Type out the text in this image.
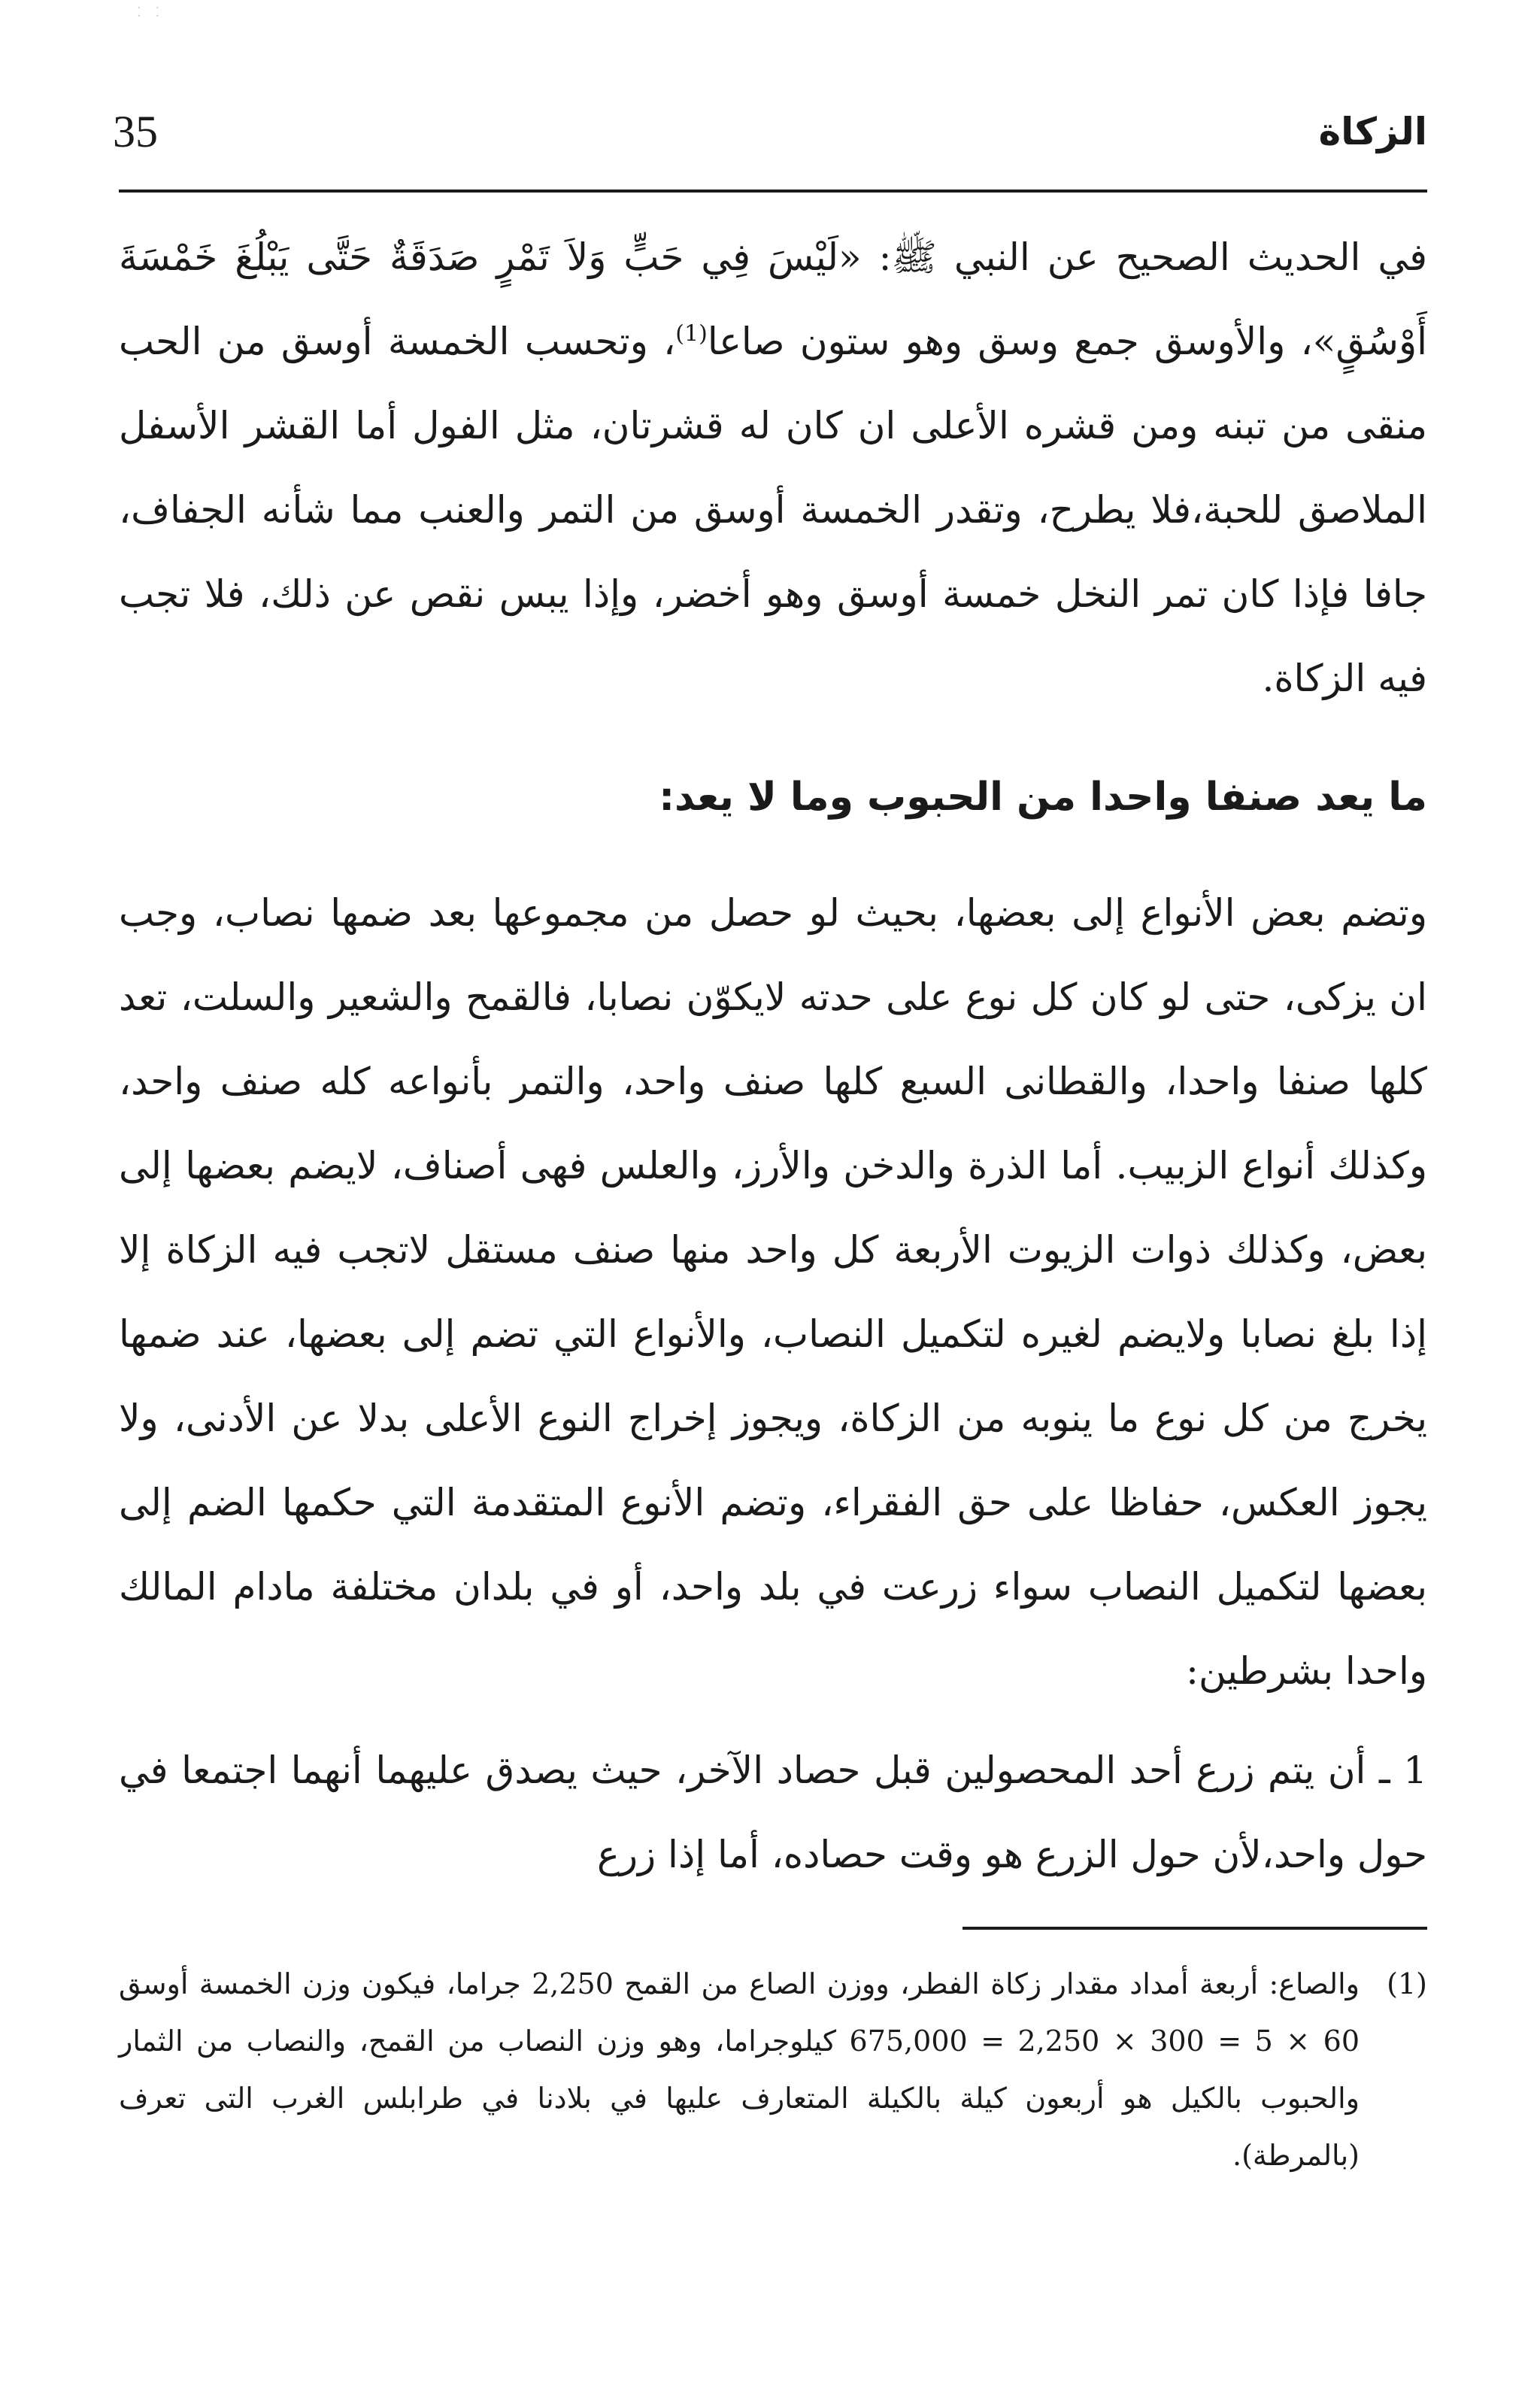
⁚ ⁚
35	الزكاة

في الحديث الصحيح عن النبي ﷺ: «لَيْسَ فِي حَبٍّ وَلاَ تَمْرٍ صَدَقَةٌ حَتَّى يَبْلُغَ خَمْسَةَ أَوْسُقٍ»، والأوسق جمع وسق وهو ستون صاعا$^{(1)}$، وتحسب الخمسة أوسق من الحب منقى من تبنه ومن قشره الأعلى ان كان له قشرتان، مثل الفول أما القشر الأسفل الملاصق للحبة،فلا يطرح، وتقدر الخمسة أوسق من التمر والعنب مما شأنه الجفاف، جافا فإذا كان تمر النخل خمسة أوسق وهو أخضر، وإذا يبس نقص عن ذلك، فلا تجب فيه الزكاة.

ما يعد صنفا واحدا من الحبوب وما لا يعد:

وتضم بعض الأنواع إلى بعضها، بحيث لو حصل من مجموعها بعد ضمها نصاب، وجب ان يزكى، حتى لو كان كل نوع على حدته لايكوّن نصابا، فالقمح والشعير والسلت، تعد كلها صنفا واحدا، والقطانى السبع كلها صنف واحد، والتمر بأنواعه كله صنف واحد، وكذلك أنواع الزبيب. أما الذرة والدخن والأرز، والعلس فهى أصناف، لايضم بعضها إلى بعض، وكذلك ذوات الزيوت الأربعة كل واحد منها صنف مستقل لاتجب فيه الزكاة إلا إذا بلغ نصابا ولايضم لغيره لتكميل النصاب، والأنواع التي تضم إلى بعضها، عند ضمها يخرج من كل نوع ما ينوبه من الزكاة، ويجوز إخراج النوع الأعلى بدلا عن الأدنى، ولا يجوز العكس، حفاظا على حق الفقراء، وتضم الأنوع المتقدمة التي حكمها الضم إلى بعضها لتكميل النصاب سواء زرعت في بلد واحد، أو في بلدان مختلفة مادام المالك واحدا بشرطين:

1 ـ أن يتم زرع أحد المحصولين قبل حصاد الآخر، حيث يصدق عليهما أنهما اجتمعا في حول واحد،لأن حول الزرع هو وقت حصاده، أما إذا زرع

(1)
والصاع: أربعة أمداد مقدار زكاة الفطر، ووزن الصاع من القمح 2,250 جراما، فيكون وزن الخمسة أوسق 60 × 5 = 300 × 2,250 = 675,000 كيلوجراما، وهو وزن النصاب من القمح، والنصاب من الثمار والحبوب بالكيل هو أربعون كيلة بالكيلة المتعارف عليها في بلادنا في طرابلس الغرب التى تعرف (بالمرطة).
